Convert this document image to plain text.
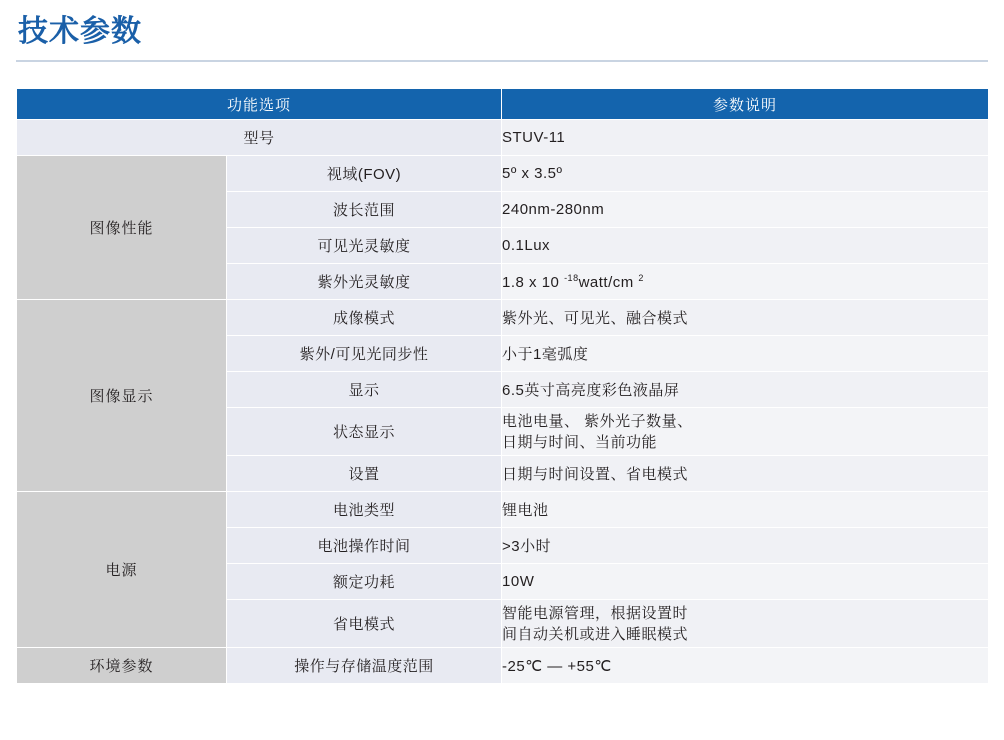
技术参数
功能选项		参数说明
型号		STUV-11
图像性能	视域(FOV)	5º x 3.5º
	波长范围	240nm-280nm
	可见光灵敏度	0.1Lux
	紫外光灵敏度	1.8 x 10 $^{-18}$watt/cm $^2$
图像显示	成像模式	紫外光、可见光、融合模式
	紫外/可见光同步性	小于1毫弧度
	显示	6.5英寸高亮度彩色液晶屏
	状态显示	电池电量、 紫外光子数量、
日期与时间、当前功能

	设置	日期与时间设置、省电模式
电源	电池类型	锂电池
	电池操作时间	>3小时
	额定功耗	10W
	省电模式	智能电源管理，根据设置时
间自动关机或进入睡眠模式

环境参数	操作与存储温度范围	-25℃ — +55℃
